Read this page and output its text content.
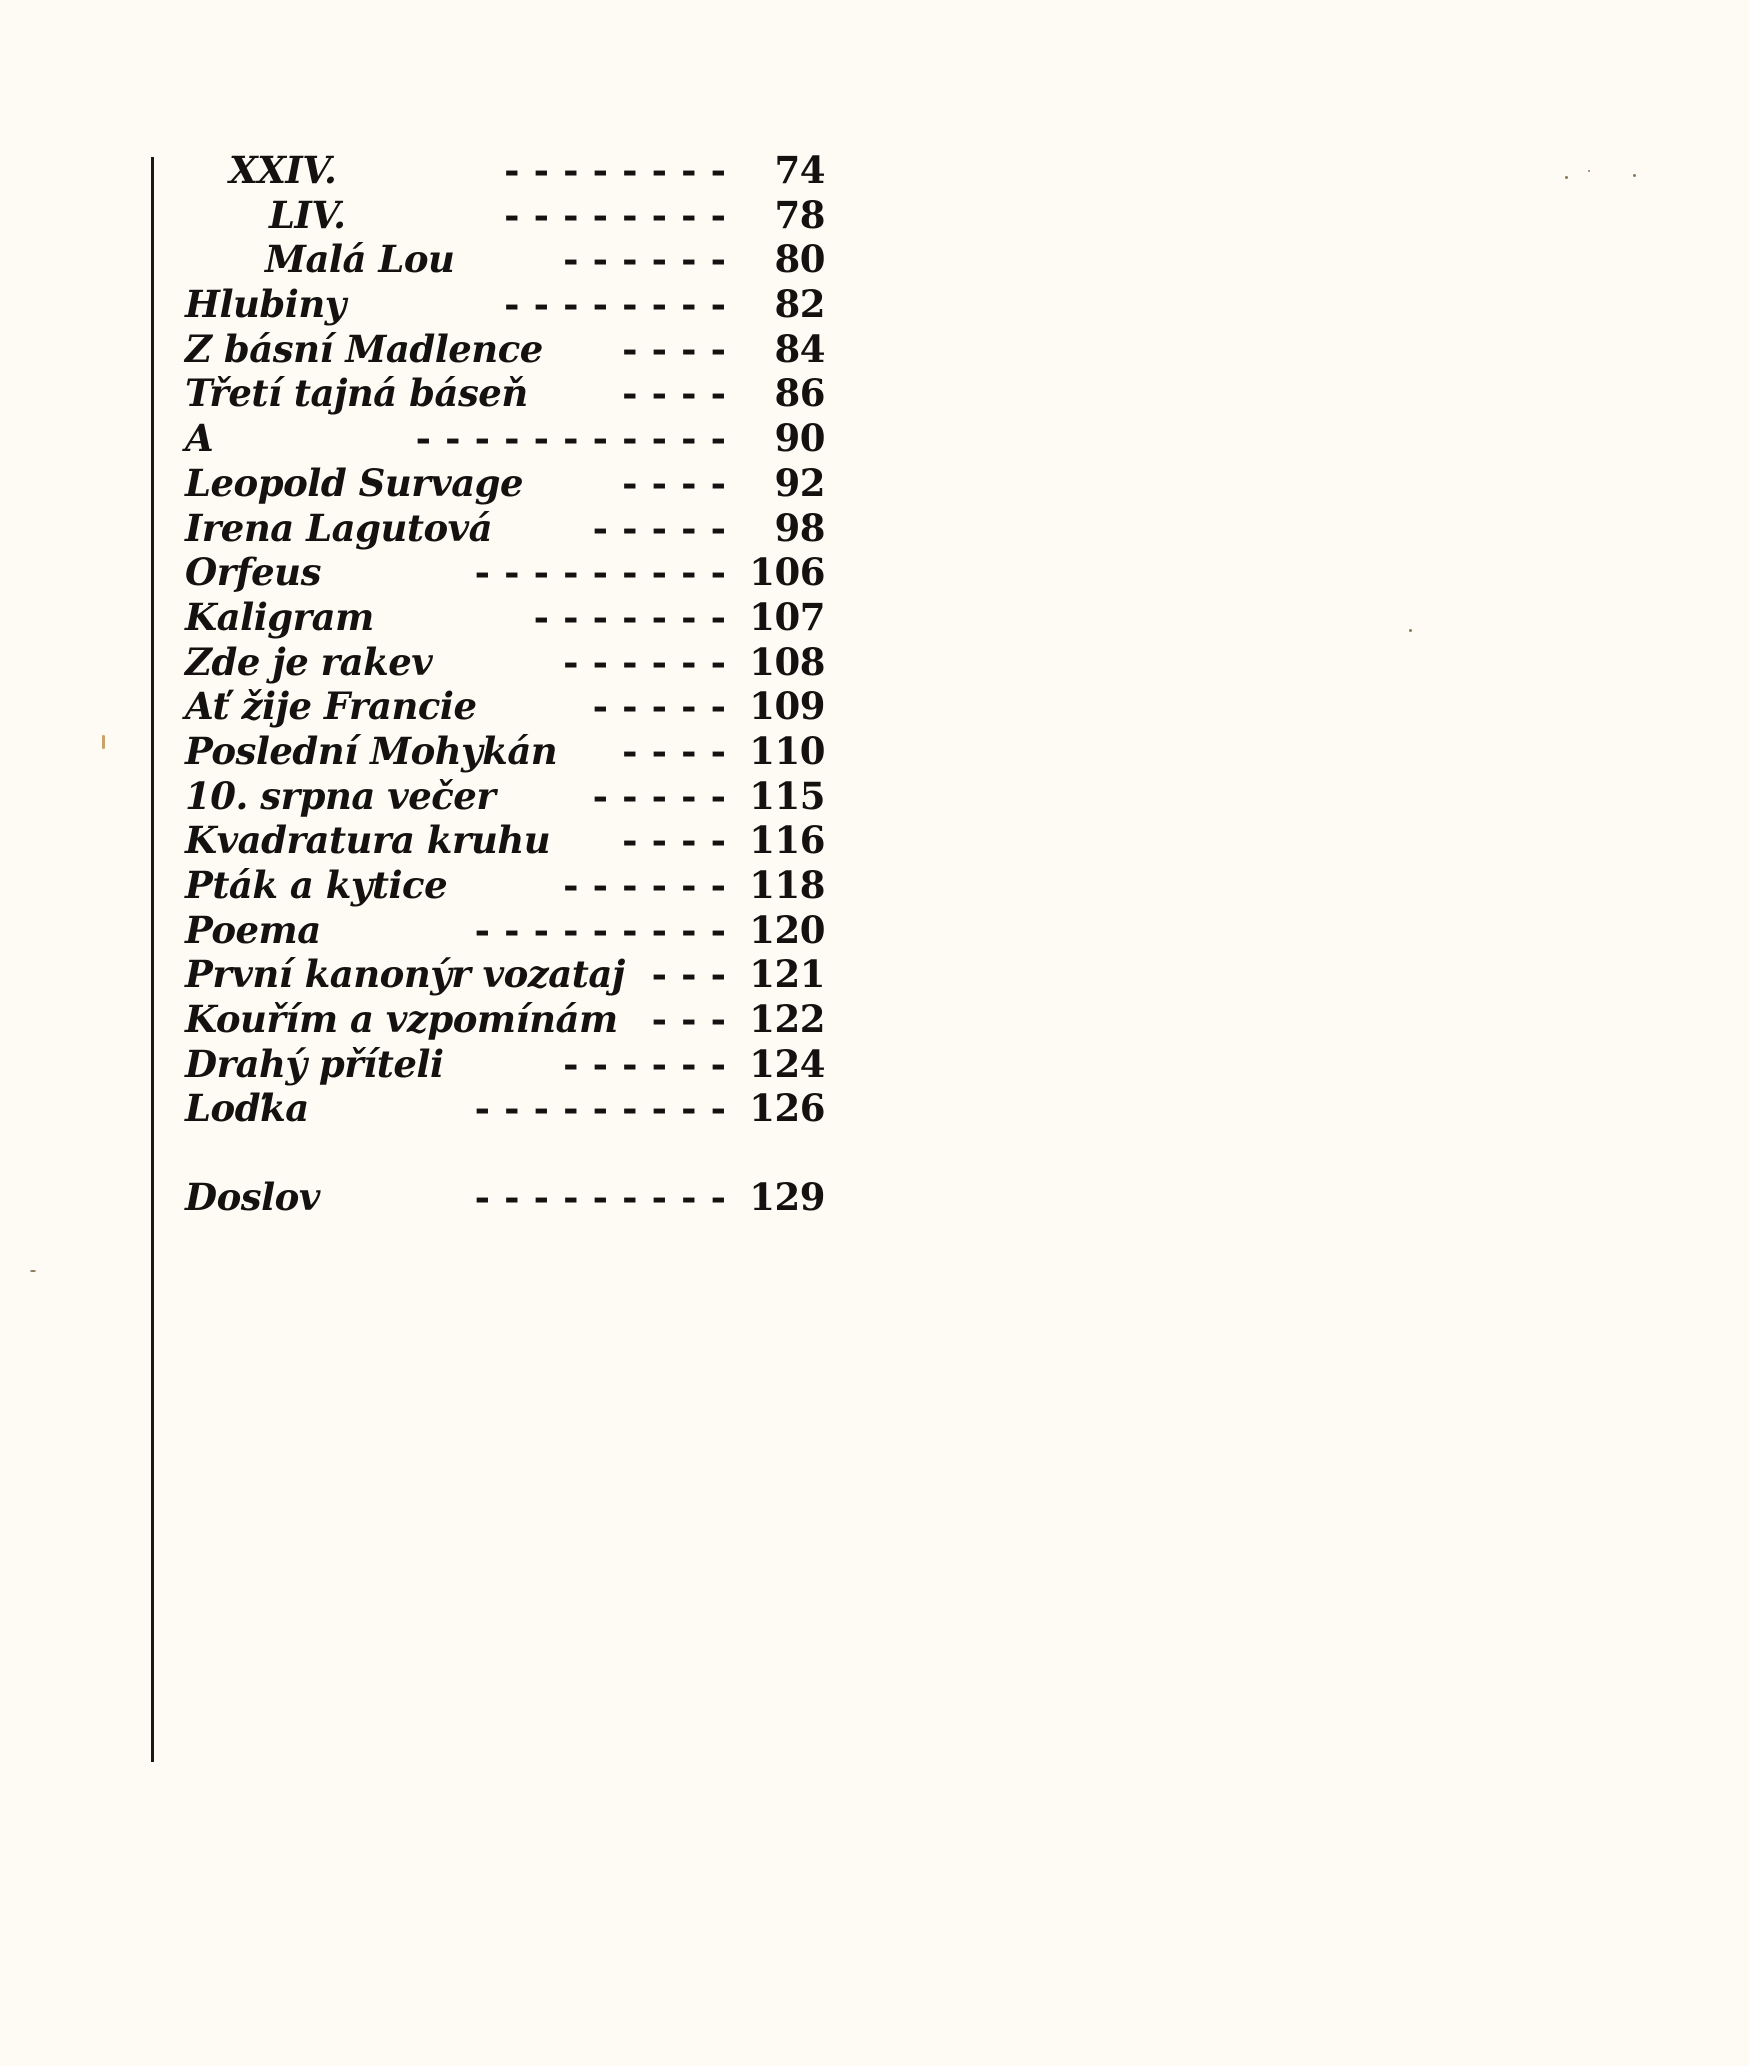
XXIV.	- - - - - - - -	74
LIV.	- - - - - - - -	78
Malá Lou	- - - - - -	80
Hlubiny	- - - - - - - -	82
Z básní Madlence - - - -	84
Třetí tajná báseň	- - - -	86
A	- - - - - - - - - - -	90
Leopold Survage	- - - -	92
Irena Lagutová	- - - - -	98
Orfeus	- - - - - - - - - 106
Kaligram	- - - - - - - 107
Zde je rakev	- - - - - - 108
Ať žije Francie	- - - - - 109
Poslední Mohykán - - - - 110
10. srpna večer	- - - - - 115
Kvadratura kruhu - - - - 116
Pták a kytice	- - - - - - 118
Poema	- - - - - - - - - 120
První kanonýr vozataj - - - 121
Kouřím a vzpomínám - - - 122
Drahý příteli	- - - - - - 124
Loďka	- - - - - - - - - 126
Doslov	- - - - - - - - - 129
